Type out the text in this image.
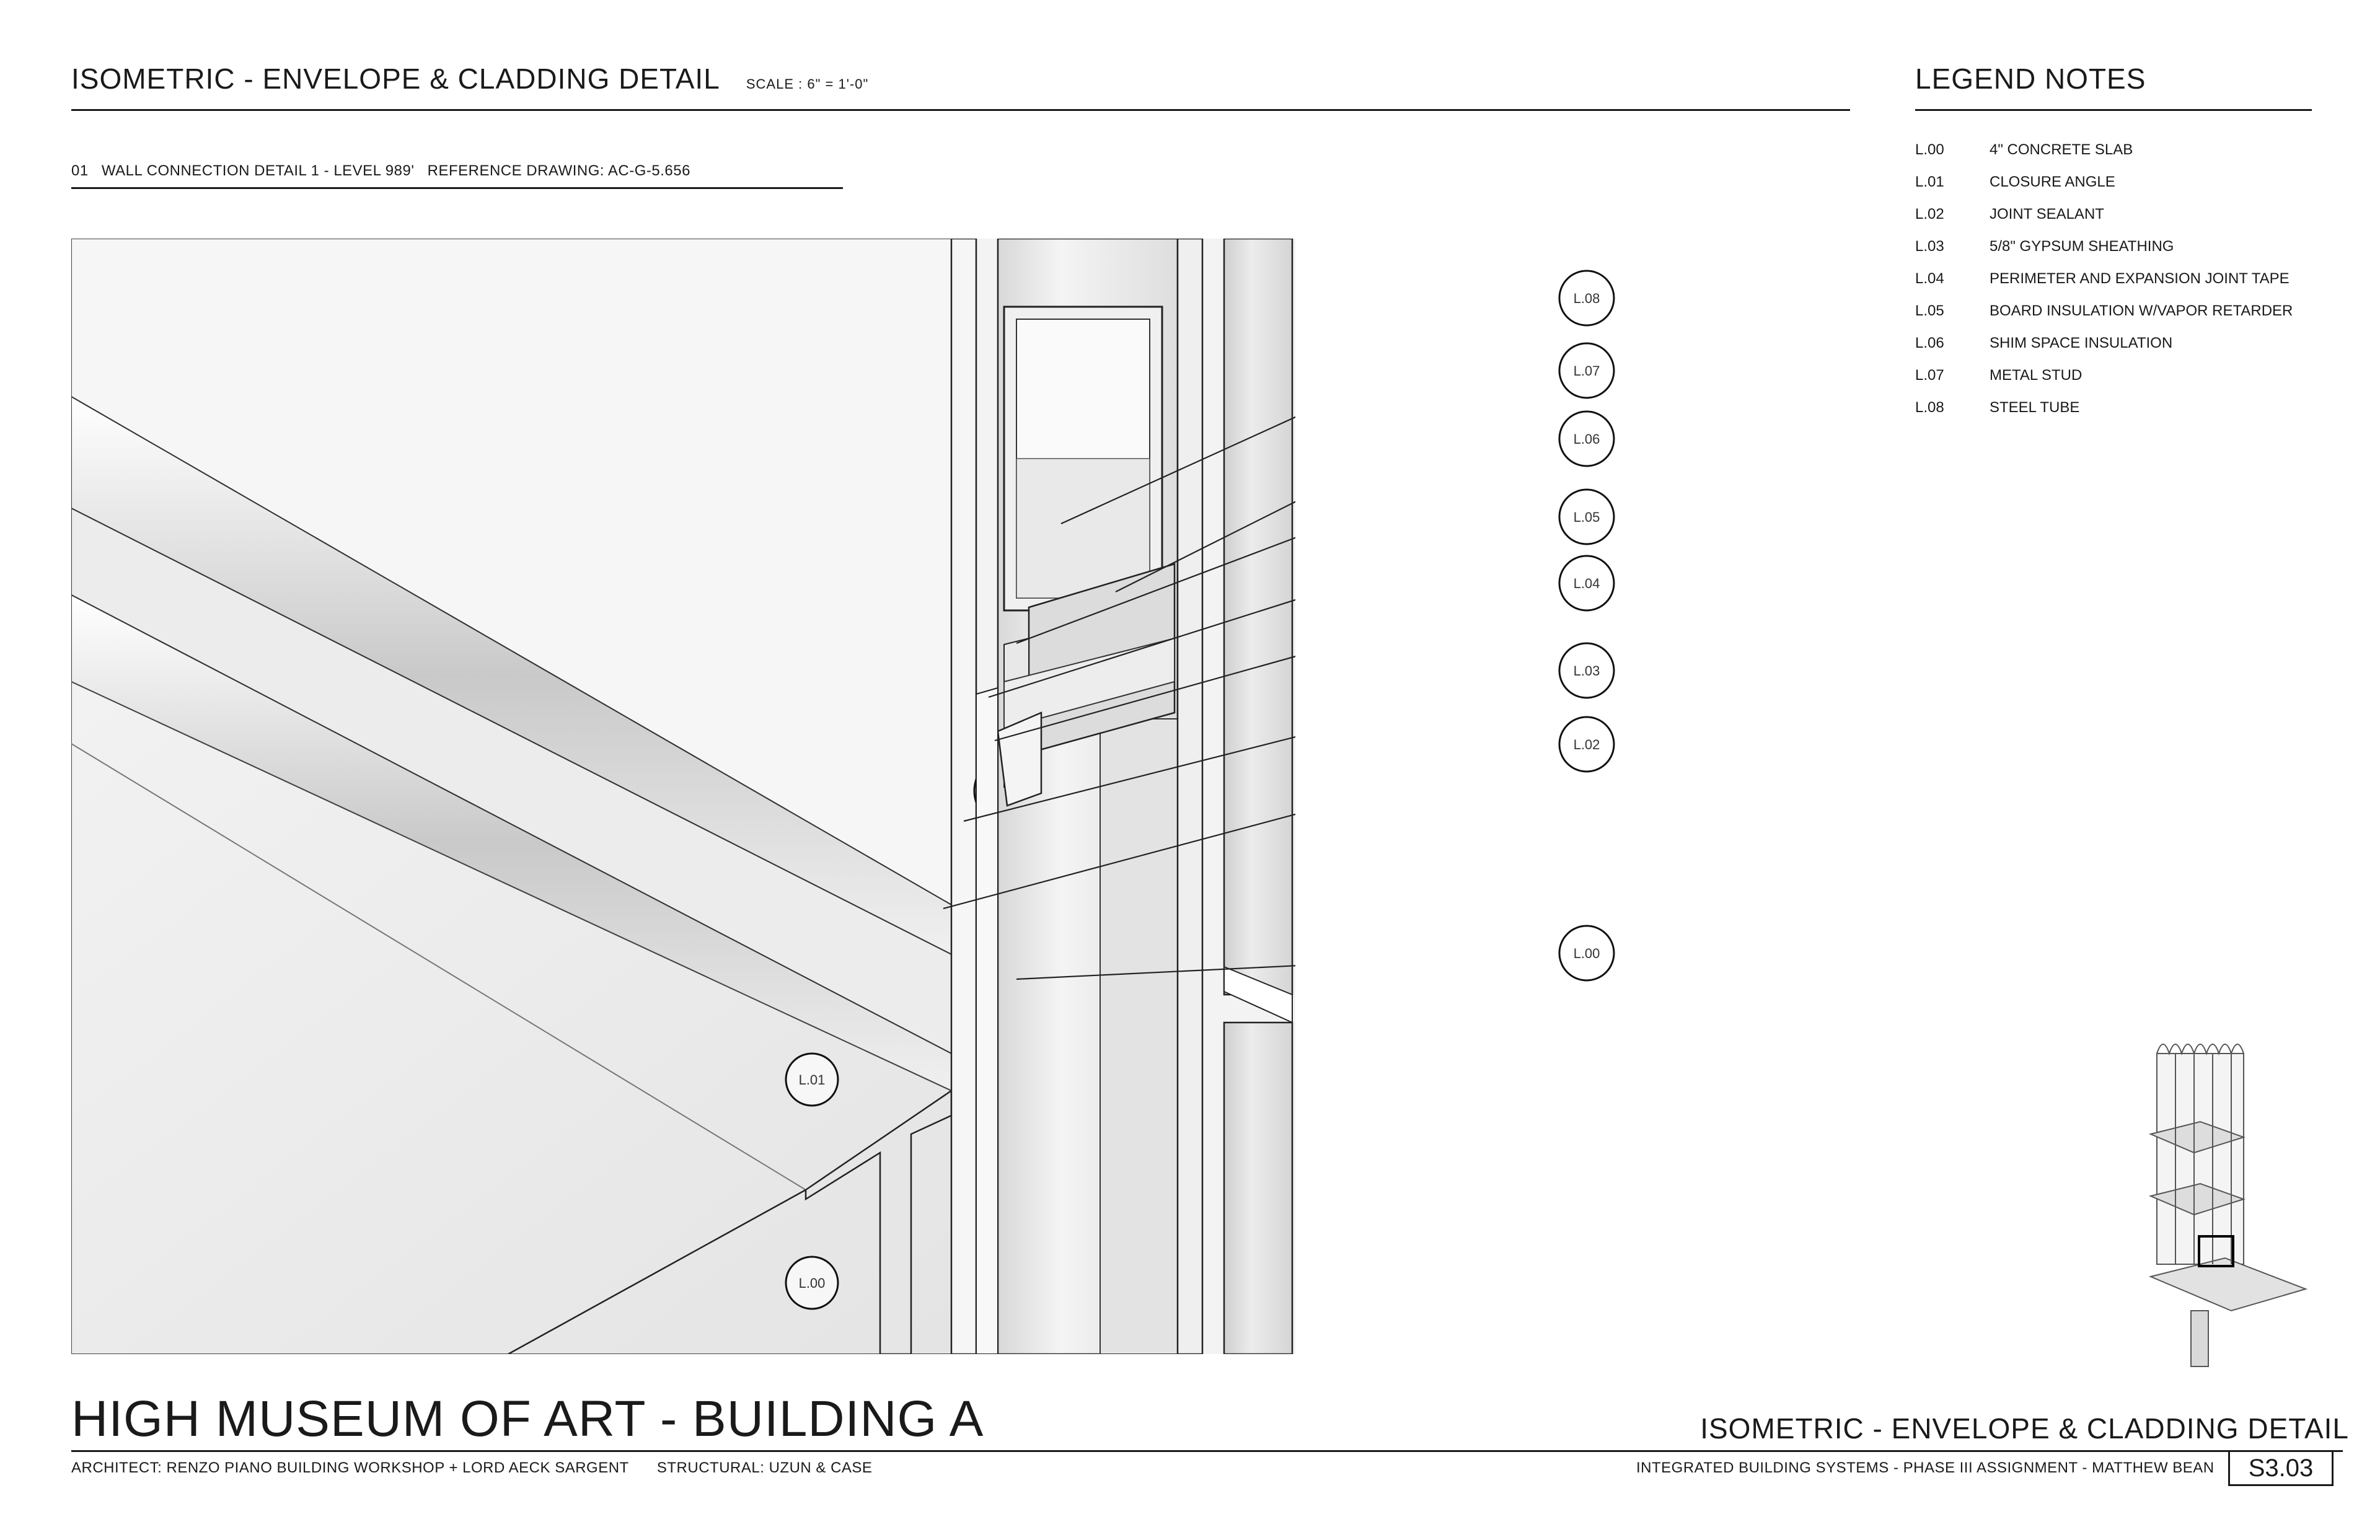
ISOMETRIC - ENVELOPE & CLADDING DETAIL SCALE : 6" = 1'-0"
01 WALL CONNECTION DETAIL 1 - LEVEL 989' REFERENCE DRAWING: AC-G-5.656
LEGEND NOTES
L.00	4" CONCRETE SLAB
L.01	CLOSURE ANGLE
L.02	JOINT SEALANT
L.03	5/8" GYPSUM SHEATHING
L.04	PERIMETER AND EXPANSION JOINT TAPE
L.05	BOARD INSULATION W/VAPOR RETARDER
L.06	SHIM SPACE INSULATION
L.07	METAL STUD
L.08	STEEL TUBE
L.08
L.07
L.06
L.05
L.04
L.03
L.02
L.00
L.01
L.00
HIGH MUSEUM OF ART - BUILDING A	ISOMETRIC - ENVELOPE & CLADDING DETAIL
ARCHITECT: RENZO PIANO BUILDING WORKSHOP + LORD AECK SARGENT STRUCTURAL: UZUN & CASE	INTEGRATED BUILDING SYSTEMS - PHASE III ASSIGNMENT - MATTHEW BEAN	S3.03
